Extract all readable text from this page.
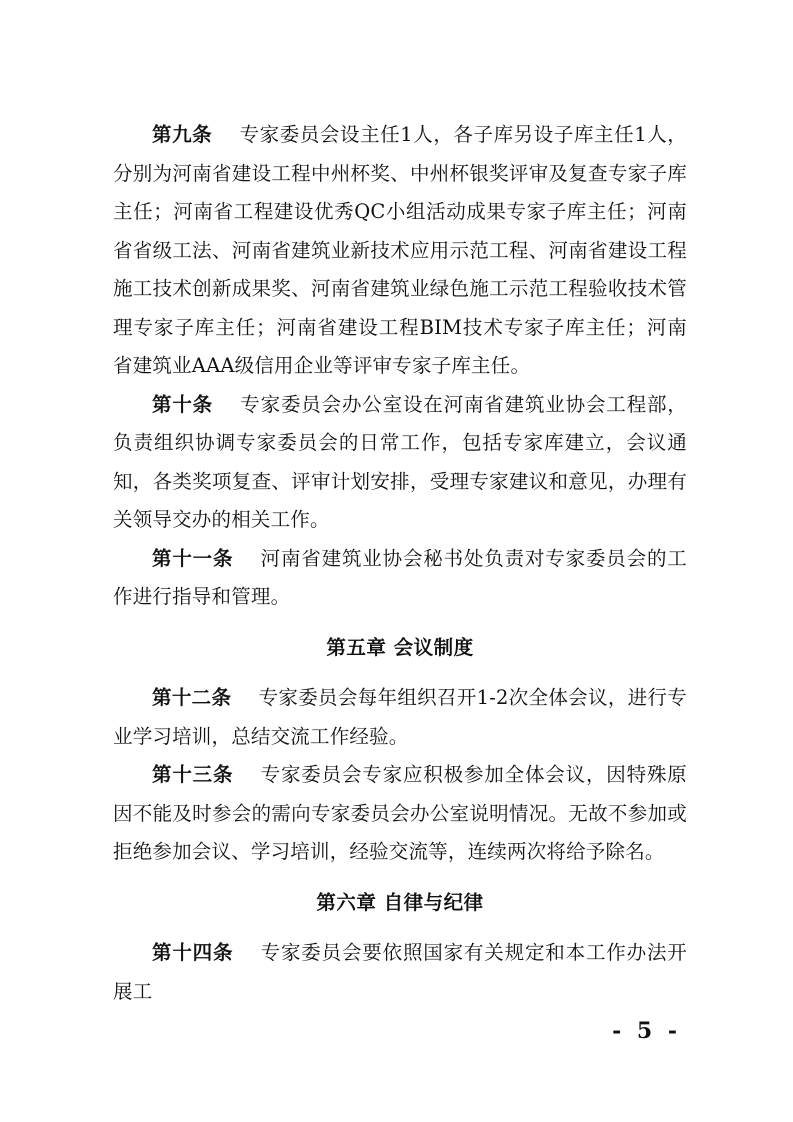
第九条 专家委员会设主任1人，各子库另设子库主任1人，分别为河南省建设工程中州杯奖、中州杯银奖评审及复查专家子库主任；河南省工程建设优秀QC小组活动成果专家子库主任；河南省省级工法、河南省建筑业新技术应用示范工程、河南省建设工程施工技术创新成果奖、河南省建筑业绿色施工示范工程验收技术管理专家子库主任；河南省建设工程BIM技术专家子库主任；河南省建筑业AAA级信用企业等评审专家子库主任。

第十条 专家委员会办公室设在河南省建筑业协会工程部，负责组织协调专家委员会的日常工作，包括专家库建立，会议通知，各类奖项复查、评审计划安排，受理专家建议和意见，办理有关领导交办的相关工作。

第十一条 河南省建筑业协会秘书处负责对专家委员会的工作进行指导和管理。

第五章 会议制度

第十二条 专家委员会每年组织召开1-2次全体会议，进行专业学习培训，总结交流工作经验。

第十三条 专家委员会专家应积极参加全体会议，因特殊原因不能及时参会的需向专家委员会办公室说明情况。无故不参加或拒绝参加会议、学习培训，经验交流等，连续两次将给予除名。

第六章 自律与纪律

第十四条 专家委员会要依照国家有关规定和本工作办法开展工

- 5 -
